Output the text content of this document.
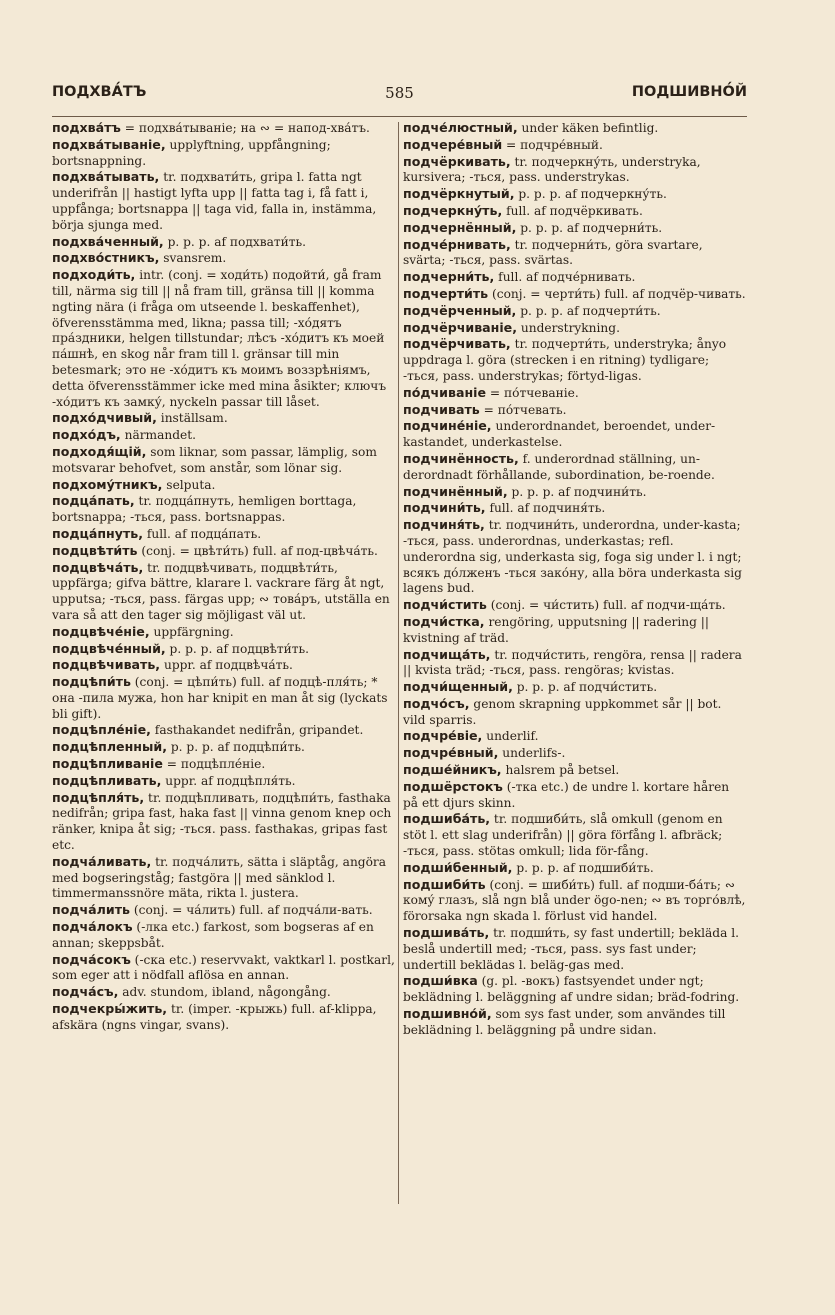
ПОДХВА́ТЪ	585	ПОДШИВНО́Й

подхва́тъ = подхва́тываніе; на ∾ = напод-хва́тъ.

подхва́тываніе, upplyftning, uppfångning; bortsnappning.

подхва́тывать, tr. подхвати́ть, gripa l. fatta ngt underifrån || hastigt lyfta upp || fatta tag i, få fatt i, uppfånga; bortsnappa || taga vid, falla in, instämma, börja sjunga med.

подхва́ченный, p. p. p. af подхвати́ть.

подхво́стникъ, svansrem.

подходи́ть, intr. (conj. = ходи́ть) подойти́, gå fram till, närma sig till || nå fram till, gränsa till || komma ngting nära (i fråga om utseende l. beskaffenhet), öfverensstämma med, likna; passa till; -хо́дятъ пра́здники, helgen tillstundar; лѣсъ -хо́дитъ къ моей па́шнѣ, en skog når fram till l. gränsar till min betesmark; это не -хо́дитъ къ моимъ воззрѣніямъ, detta öfverensstämmer icke med mina åsikter; ключъ -хо́дитъ къ замку́, nyckeln passar till låset.

подхо́дчивый, inställsam.

подхо́дъ, närmandet.

подходя́щій, som liknar, som passar, lämplig, som motsvarar behofvet, som anstår, som lönar sig.

подхому́тникъ, selputa.

подца́пать, tr. подца́пнуть, hemligen borttaga, bortsnappa; -ться, pass. bortsnappas.

подца́пнуть, full. af подца́пать.

подцвѣти́ть (conj. = цвѣти́ть) full. af под-цвѣча́ть.

подцвѣча́ть, tr. подцвѣчивать, подцвѣти́ть, uppfärga; gifva bättre, klarare l. vackrare färg åt ngt, upputsa; -ться, pass. färgas upp; ∾ това́ръ, utställa en vara så att den tager sig möjligast väl ut.

подцвѣче́ніе, uppfärgning.

подцвѣче́нный, p. p. p. af подцвѣти́ть.

подцвѣчивать, uppr. af подцвѣча́ть.

подцѣпи́ть (conj. = цѣпи́ть) full. af подцѣ-пля́ть; * она -пила мужа, hon har knipit en man åt sig (lyckats bli gift).

подцѣпле́ніе, fasthakandet nedifrån, gripandet.

подцѣпленный, p. p. p. af подцѣпи́ть.

подцѣпливаніе = подцѣпле́ніе.

подцѣпливать, uppr. af подцѣпля́ть.

подцѣпля́ть, tr. подцѣпливать, подцѣпи́ть, fasthaka nedifrån; gripa fast, haka fast || vinna genom knep och ränker, knipa åt sig; -ться. pass. fasthakas, gripas fast etc.

подча́ливать, tr. подча́лить, sätta i släptåg, angöra med bogseringståg; fastgöra || med sänklod l. timmermanssnöre mäta, rikta l. justera.

подча́лить (conj. = ча́лить) full. af подча́ли-вать.

подча́локъ (-лка etc.) farkost, som bogseras af en annan; skeppsbåt.

подча́сокъ (-ска etc.) reservvakt, vaktkarl l. postkarl, som eger att i nödfall aflösa en annan.

подча́съ, adv. stundom, ibland, någongång.

подчекры́жить, tr. (imper. -крыжь) full. af-klippa, afskära (ngns vingar, svans).

подче́люстный, under käken befintlig.

подчере́вный = подчре́вный.

подчёркивать, tr. подчеркну́ть, understryka, kursivera; -ться, pass. understrykas.

подчёркнутый, p. p. p. af подчеркну́ть.

подчеркну́ть, full. af подчёркивать.

подчернённый, p. p. p. af подчерни́ть.

подче́рнивать, tr. подчерни́ть, göra svartare, svärta; -ться, pass. svärtas.

подчерни́ть, full. af подче́рнивать.

подчерти́ть (conj. = черти́ть) full. af подчёр-чивать.

подчёрченный, p. p. p. af подчерти́ть.

подчёрчиваніе, understrykning.

подчёрчивать, tr. подчерти́ть, understryka; ånyo uppdraga l. göra (strecken i en ritning) tydligare; -ться, pass. understrykas; förtyd-ligas.

по́дчиваніе = по́тчеваніе.

подчивать = по́тчевать.

подчине́ніе, underordnandet, beroendet, under-kastandet, underkastelse.

подчинённость, f. underordnad ställning, un-derordnadt förhållande, subordination, be-roende.

подчинённый, p. p. p. af подчини́ть.

подчини́ть, full. af подчиня́ть.

подчиня́ть, tr. подчини́ть, underordna, under-kasta; -ться, pass. underordnas, underkastas; refl. underordna sig, underkasta sig, foga sig under l. i ngt; всякъ до́лженъ -ться зако́ну, alla böra underkasta sig lagens bud.

подчи́стить (conj. = чи́стить) full. af подчи-ща́ть.

подчи́стка, rengöring, upputsning || radering || kvistning af träd.

подчища́ть, tr. подчи́стить, rengöra, rensa || radera || kvista träd; -ться, pass. rengöras; kvistas.

подчи́щенный, p. p. p. af подчи́стить.

подчо́съ, genom skrapning uppkommet sår || bot. vild sparris.

подчре́віе, underlif.

подчре́вный, underlifs-.

подше́йникъ, halsrem på betsel.

подшёрстокъ (-тка etc.) de undre l. kortare håren på ett djurs skinn.

подшиба́ть, tr. подшиби́ть, slå omkull (genom en stöt l. ett slag underifrån) || göra förfång l. afbräck; -ться, pass. stötas omkull; lida för-fång.

подши́бенный, p. p. p. af подшиби́ть.

подшиби́ть (conj. = шиби́ть) full. af подши-ба́ть; ∾ кому́ глазъ, slå ngn blå under ögo-nen; ∾ въ торго́влѣ, förorsaka ngn skada l. förlust vid handel.

подшива́ть, tr. подши́ть, sy fast undertill; bekläda l. beslå undertill med; -ться, pass. sys fast under; undertill beklädas l. beläg-gas med.

подши́вка (g. pl. -вокъ) fastsyendet under ngt; beklädning l. beläggning af undre sidan; bräd-fodring.

подшивно́й, som sys fast under, som användes till beklädning l. beläggning på undre sidan.
